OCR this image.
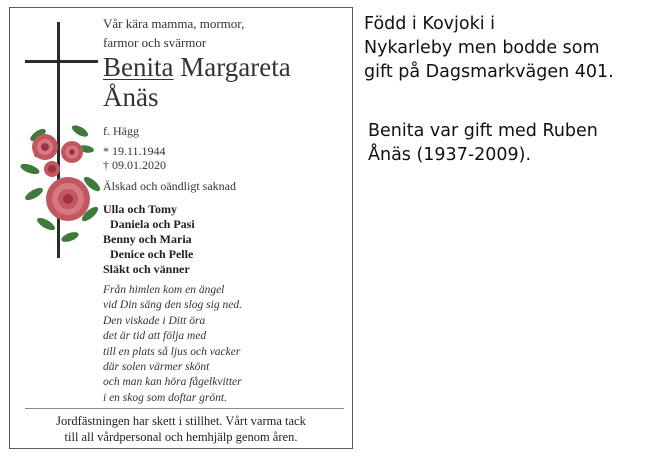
Vår kära mamma, mormor,
farmor och svärmor
Benita Margareta
Ånäs
f. Hägg
* 19.11.1944
† 09.01.2020
Älskad och oändligt saknad
Ulla och Tomy
Daniela och Pasi
Benny och Maria
Denice och Pelle
Släkt och vänner
Från himlen kom en ängel
vid Din säng den slog sig ned.
Den viskade i Ditt öra
det är tid att följa med
till en plats så ljus och vacker
där solen värmer skönt
och man kan höra fågelkvitter
i en skog som doftar grönt.
Jordfästningen har skett i stillhet. Vårt varma tack
till all vårdpersonal och hemhjälp genom åren.
Född i Kovjoki i
Nykarleby men bodde som
gift på Dagsmarkvägen 401.
Benita var gift med Ruben
Ånäs (1937-2009).
